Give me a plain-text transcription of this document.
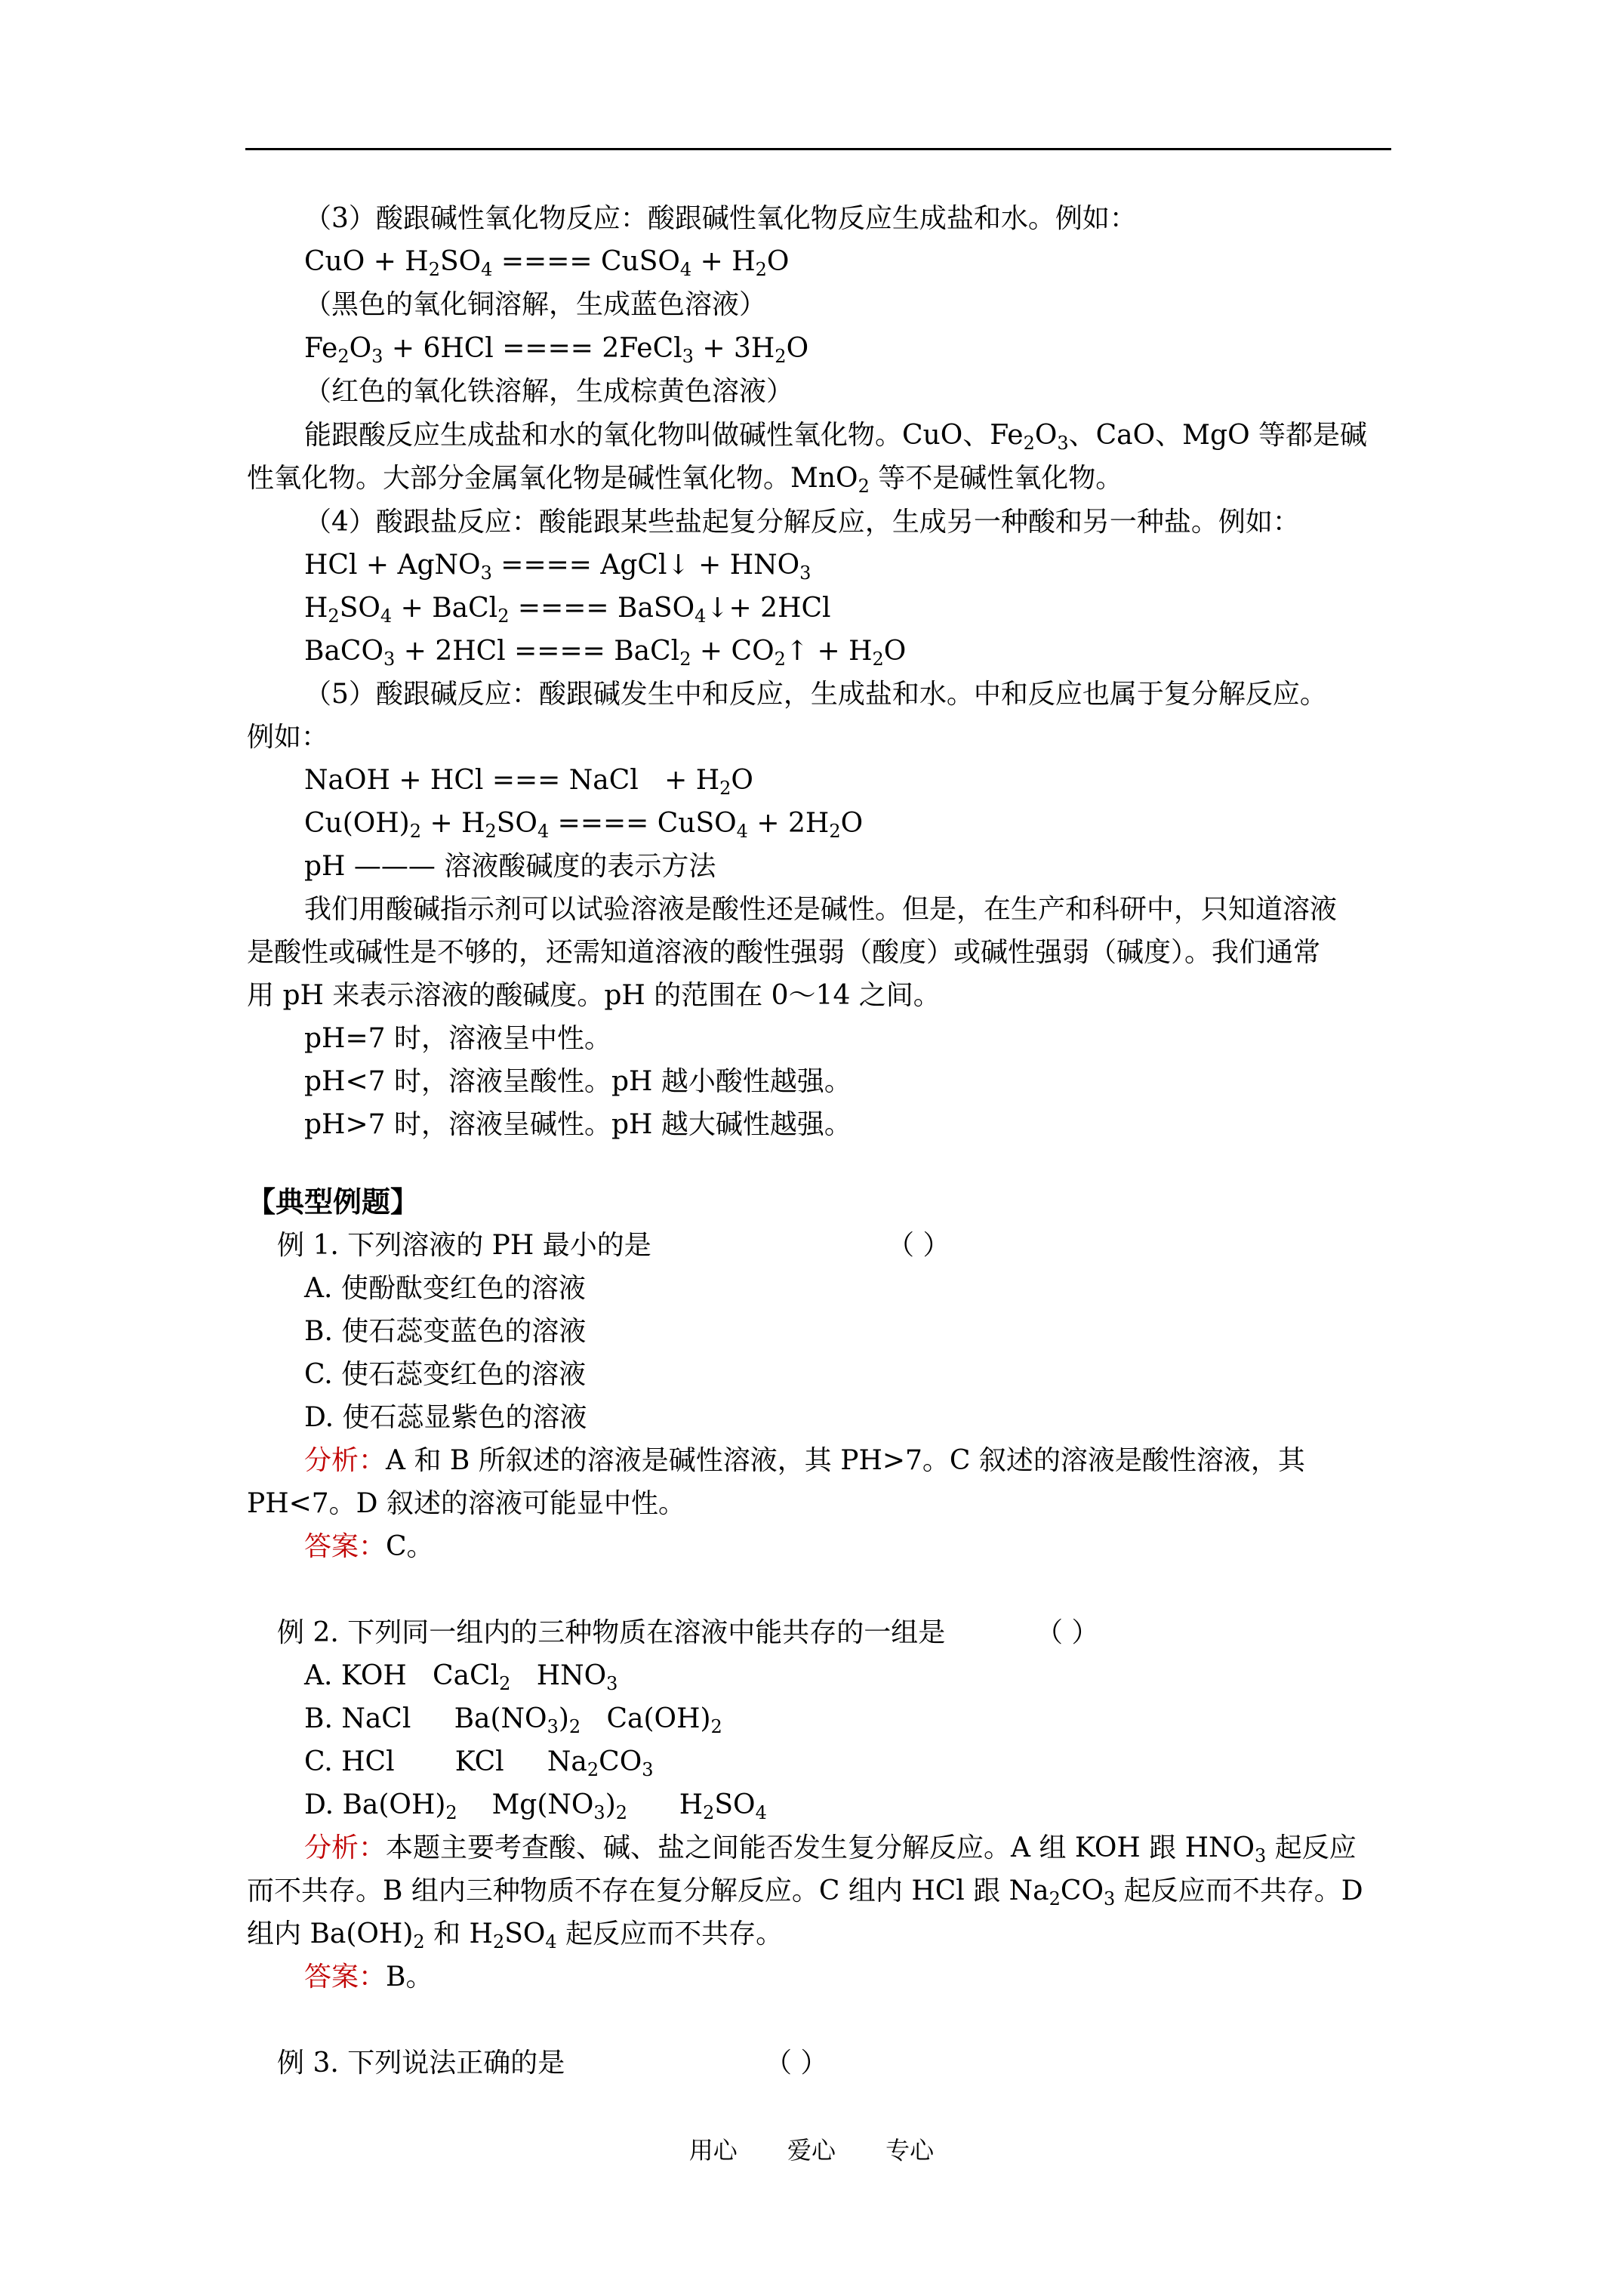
（3）酸跟碱性氧化物反应：酸跟碱性氧化物反应生成盐和水。例如：
CuO + $H_2SO_4$ ==== CuSO$_4$ + $H_2O$
（黑色的氧化铜溶解，生成蓝色溶液）
$Fe_2O_3 + 6HCl$ ==== 2FeCl$_3$ + $3H_2O$
（红色的氧化铁溶解，生成棕黄色溶液）
能跟酸反应生成盐和水的氧化物叫做碱性氧化物。CuO、$Fe_2O_3$、CaO、MgO 等都是碱
性氧化物。大部分金属氧化物是碱性氧化物。MnO$_2$ 等不是碱性氧化物。
（4）酸跟盐反应：酸能跟某些盐起复分解反应，生成另一种酸和另一种盐。例如：
HCl + AgNO$_3$ ==== AgCl↓ + $HNO_3$
$H_2SO_4$ + BaCl$_2$ ==== BaSO$_4$↓+ 2HCl
BaCO$_3$ + 2HCl ==== BaCl$_2$ + $CO_2↑ + H_2O$
（5）酸跟碱反应：酸跟碱发生中和反应，生成盐和水。中和反应也属于复分解反应。
例如：
NaOH + HCl === NaCl   + $H_2O$
$Cu(OH)_2 + H_2SO_4$ ==== CuSO$_4$ + $2H_2O$
pH ——— 溶液酸碱度的表示方法
我们用酸碱指示剂可以试验溶液是酸性还是碱性。但是，在生产和科研中，只知道溶液
是酸性或碱性是不够的，还需知道溶液的酸性强弱（酸度）或碱性强弱（碱度）。我们通常
用 pH 来表示溶液的酸碱度。pH 的范围在 0～14 之间。
pH=7 时，溶液呈中性。
pH<7 时，溶液呈酸性。pH 越小酸性越强。
pH>7 时，溶液呈碱性。pH 越大碱性越强。
【典型例题】
例 1. 下列溶液的 PH 最小的是	（ ）
A. 使酚酞变红色的溶液
B. 使石蕊变蓝色的溶液
C. 使石蕊变红色的溶液
D. 使石蕊显紫色的溶液
分析：A 和 B 所叙述的溶液是碱性溶液，其 PH>7。C 叙述的溶液是酸性溶液，其
PH<7。D 叙述的溶液可能显中性。
答案：C。
例 2. 下列同一组内的三种物质在溶液中能共存的一组是	（ ）
A. KOH   CaCl$_2$   $HNO_3$
B. NaCl     $Ba(NO_3)_2$   $Ca(OH)_2$
C. HCl       KCl     $Na_2CO_3$
D. $Ba(OH)_2$    $Mg(NO_3)_2$      $H_2SO_4$
分析：本题主要考查酸、碱、盐之间能否发生复分解反应。A 组 KOH 跟 $HNO_3$ 起反应
而不共存。B 组内三种物质不存在复分解反应。C 组内 HCl 跟 $Na_2CO_3$ 起反应而不共存。D
组内 $Ba(OH)_2$ 和 $H_2SO_4$ 起反应而不共存。
答案：B。
例 3. 下列说法正确的是	（ ）
用心 爱心 专心
